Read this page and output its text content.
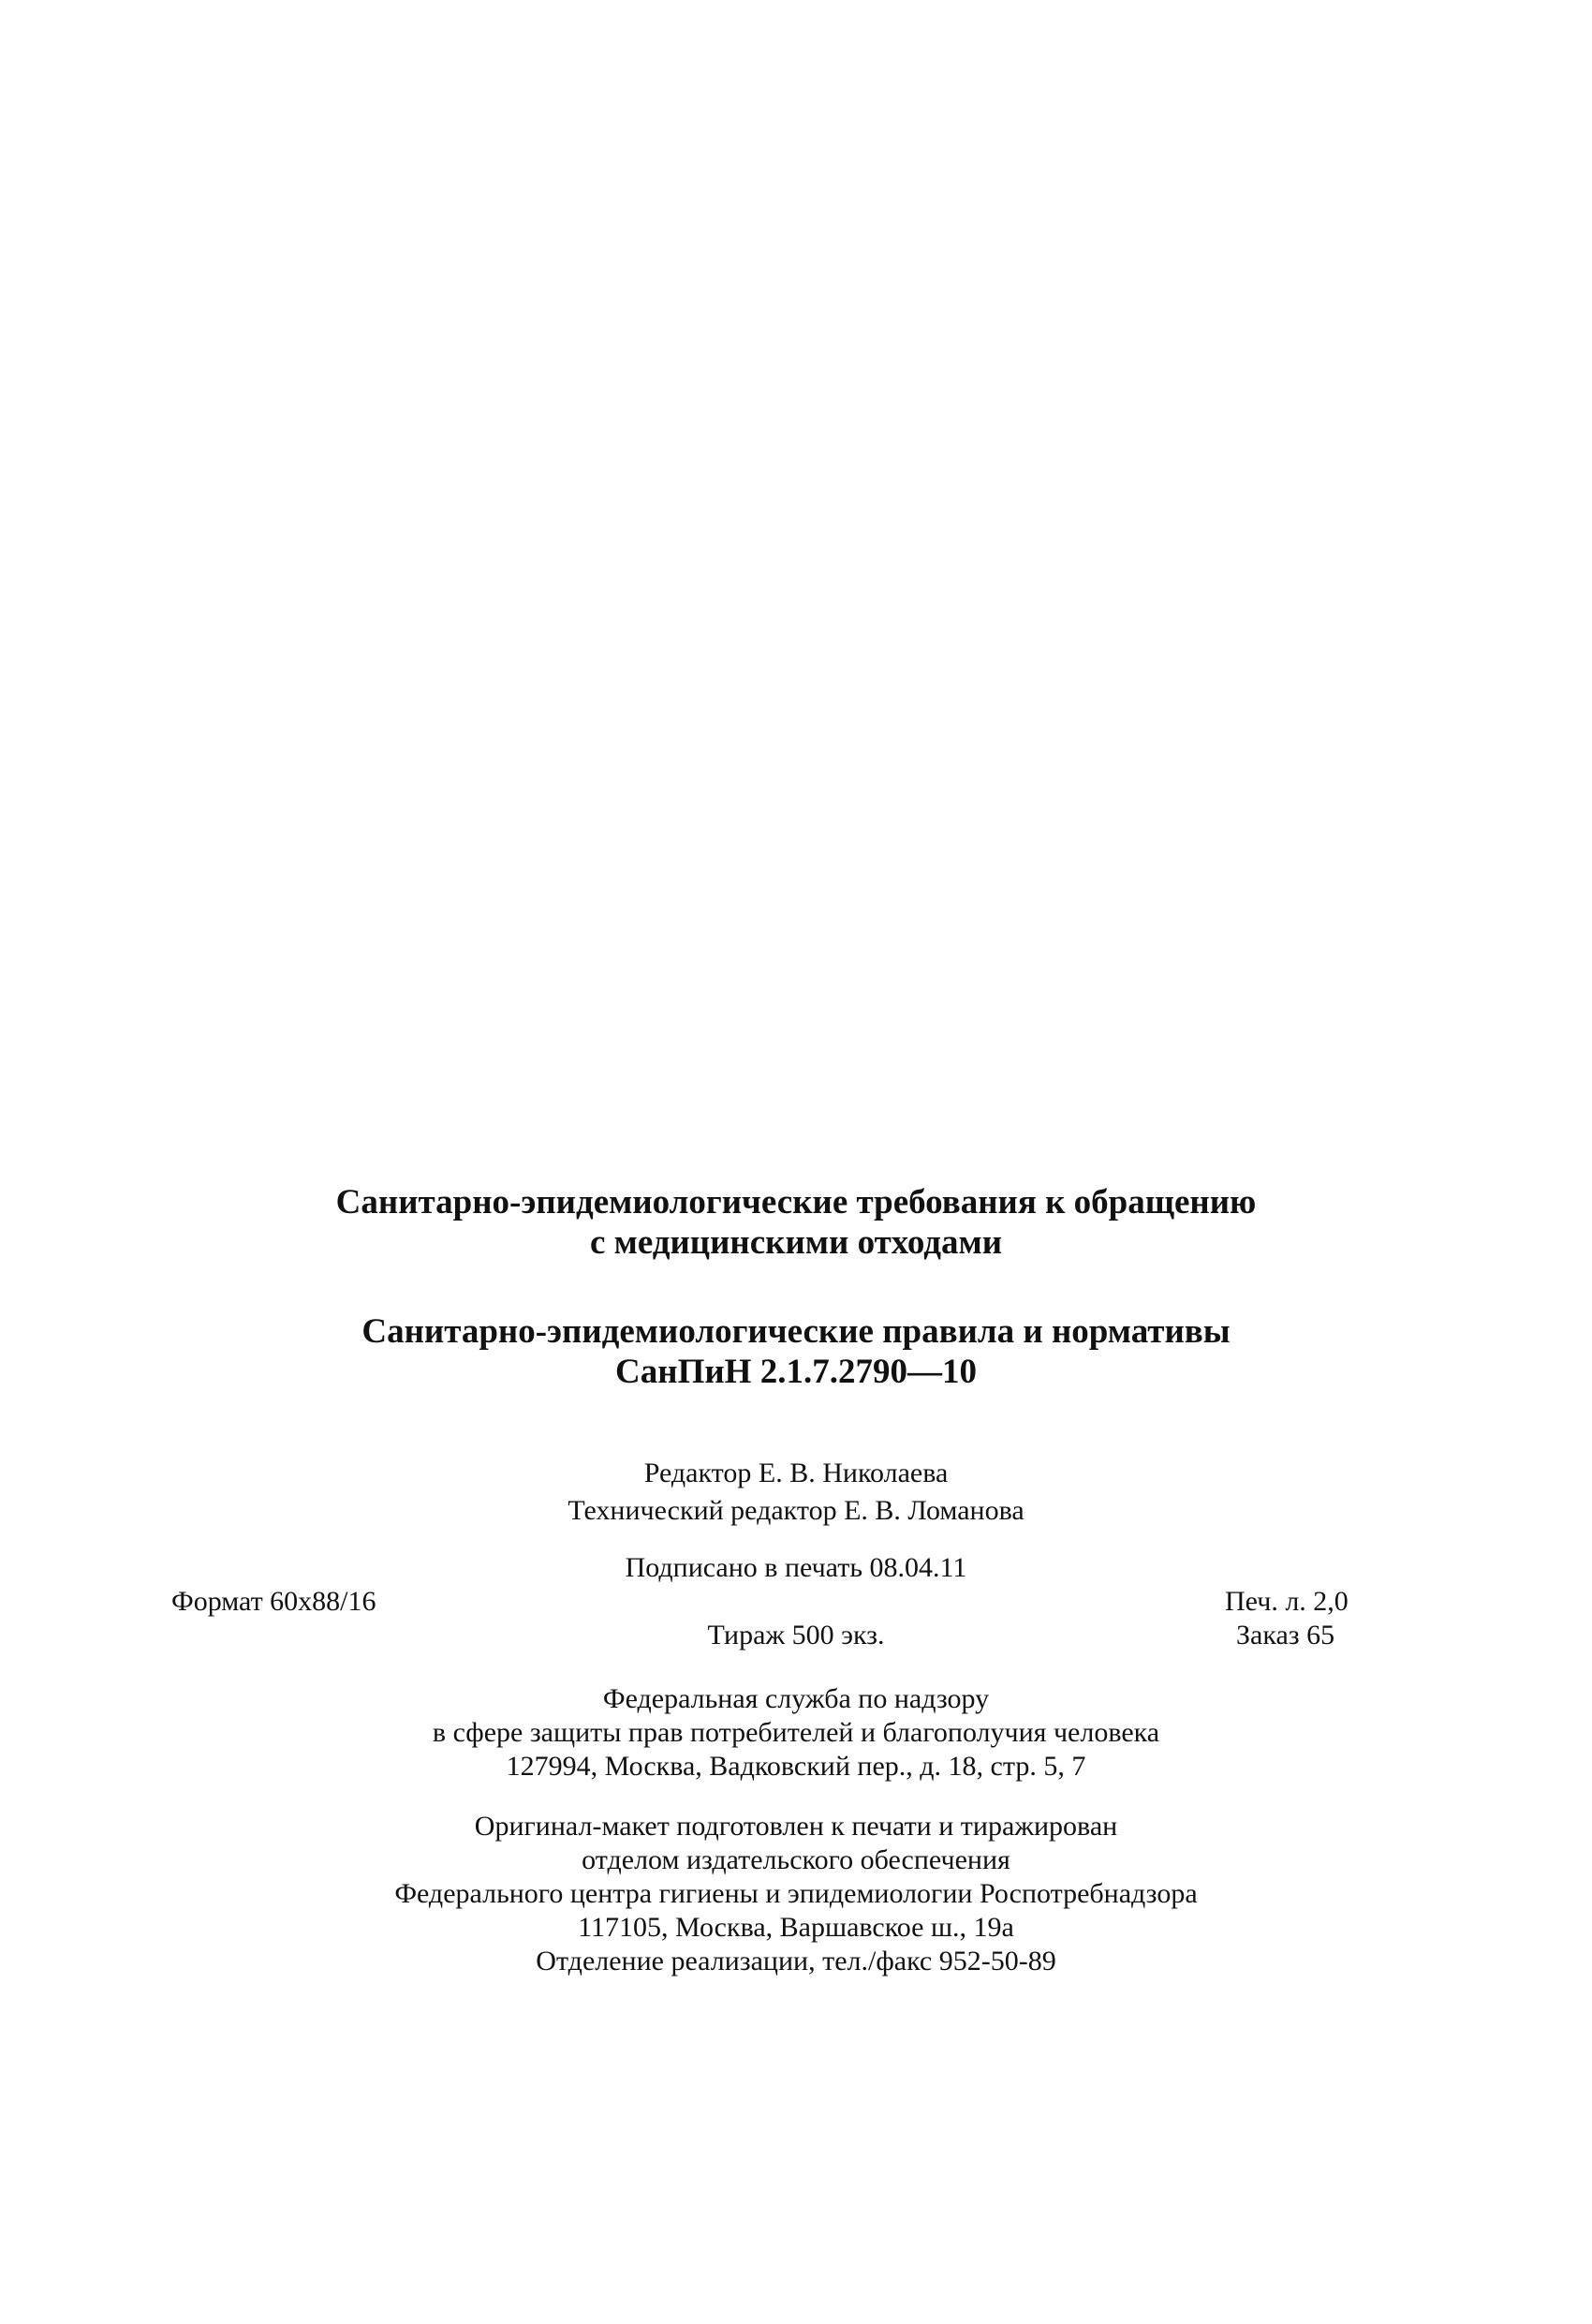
Санитарно-эпидемиологические требования к обращению
с медицинскими отходами
Санитарно-эпидемиологические правила и нормативы
СанПиН 2.1.7.2790—10
Редактор Е. В. Николаева
Технический редактор Е. В. Ломанова
Подписано в печать 08.04.11
Формат 60х88/16	Печ. л. 2,0
Тираж 500 экз.	Заказ 65
Федеральная служба по надзору
в сфере защиты прав потребителей и благополучия человека
127994, Москва, Вадковский пер., д. 18, стр. 5, 7
Оригинал-макет подготовлен к печати и тиражирован
отделом издательского обеспечения
Федерального центра гигиены и эпидемиологии Роспотребнадзора
117105, Москва, Варшавское ш., 19а
Отделение реализации, тел./факс 952-50-89
